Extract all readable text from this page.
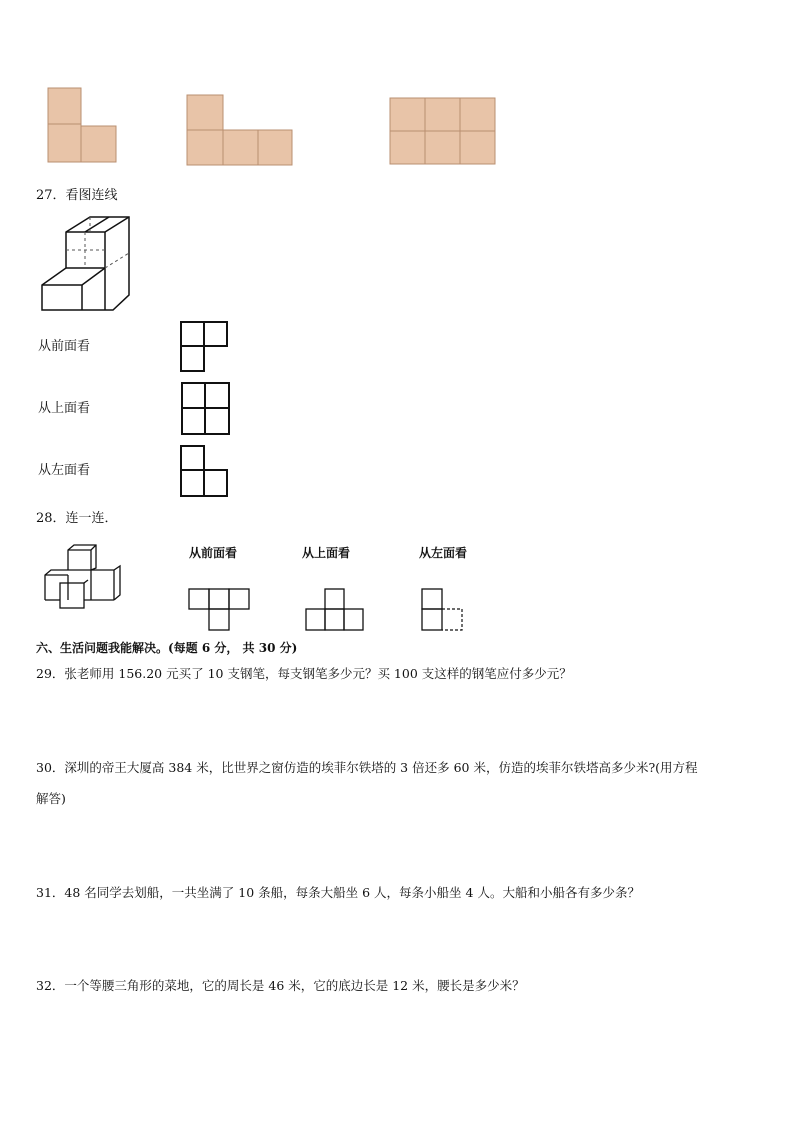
27．看图连线
从前面看
从上面看
从左面看
28．连一连．
从前面看	从上面看	从左面看
六、生活问题我能解决。(每题 6 分， 共 30 分)
29．张老师用 156.20 元买了 10 支钢笔，每支钢笔多少元？买 100 支这样的钢笔应付多少元？
30．深圳的帝王大厦高 384 米，比世界之窗仿造的埃菲尔铁塔的 3 倍还多 60 米，仿造的埃菲尔铁塔高多少米?(用方程
解答)
31．48 名同学去划船，一共坐满了 10 条船，每条大船坐 6 人，每条小船坐 4 人。大船和小船各有多少条？
32．一个等腰三角形的菜地，它的周长是 46 米，它的底边长是 12 米，腰长是多少米？
